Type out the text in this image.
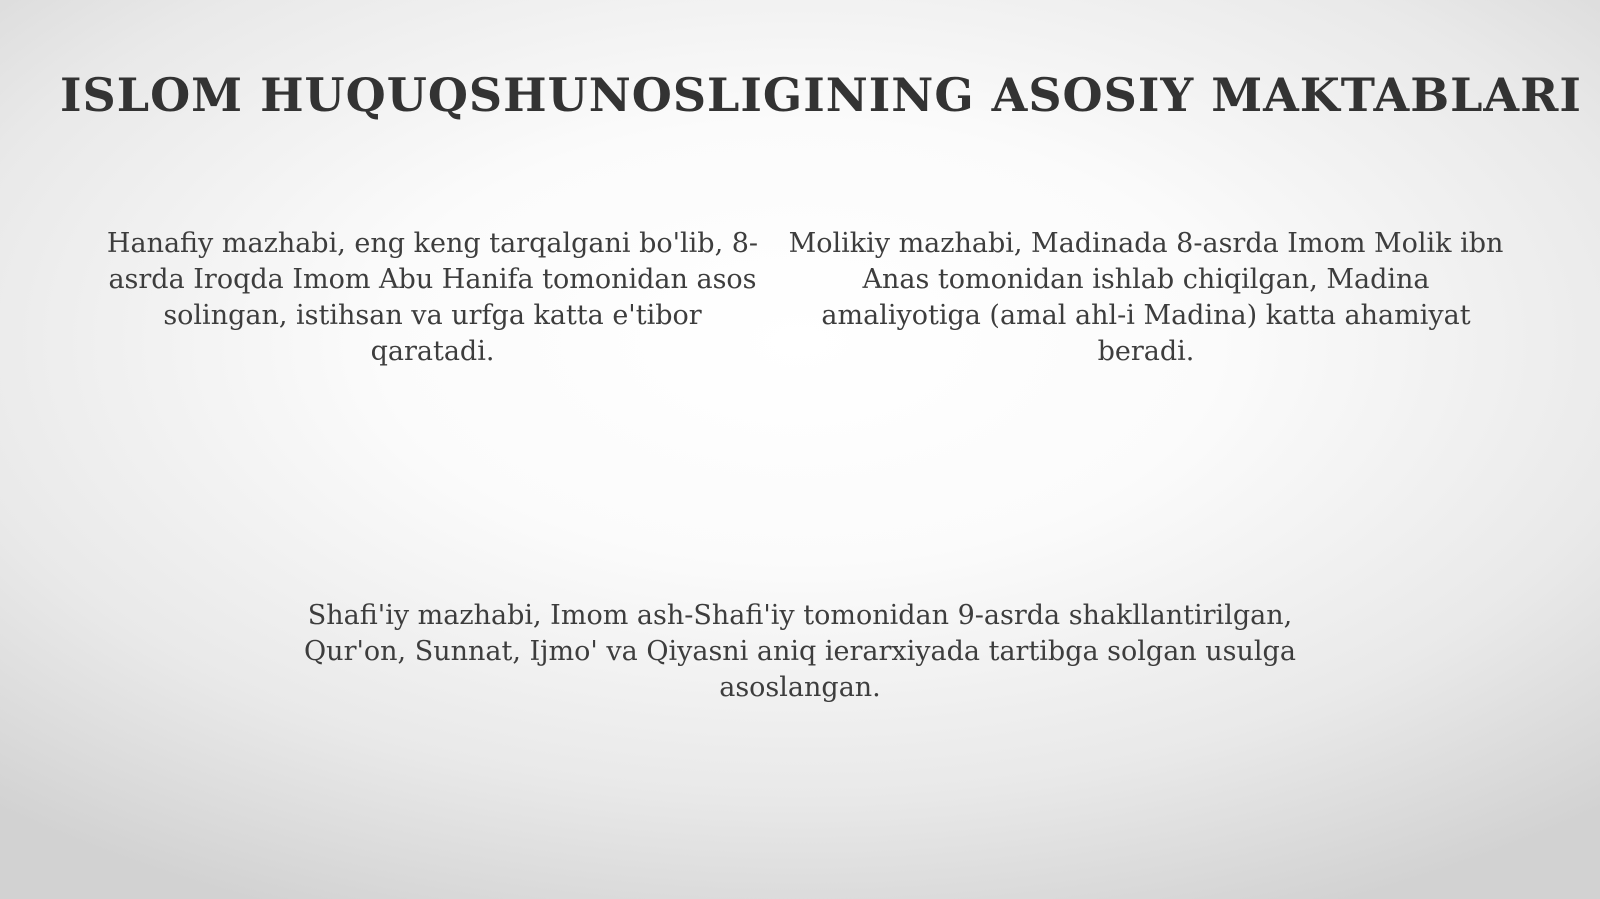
ISLOM HUQUQSHUNOSLIGINING ASOSIY MAKTABLARI

Hanafiy mazhabi, eng keng tarqalgani bo'lib, 8-asrda Iroqda Imom Abu Hanifa tomonidan asos solingan, istihsan va urfga katta e'tibor qaratadi.

Molikiy mazhabi, Madinada 8-asrda Imom Molik ibn Anas tomonidan ishlab chiqilgan, Madina amaliyotiga (amal ahl-i Madina) katta ahamiyat beradi.

Shafi'iy mazhabi, Imom ash-Shafi'iy tomonidan 9-asrda shakllantirilgan, Qur'on, Sunnat, Ijmo' va Qiyasni aniq ierarxiyada tartibga solgan usulga asoslangan.
